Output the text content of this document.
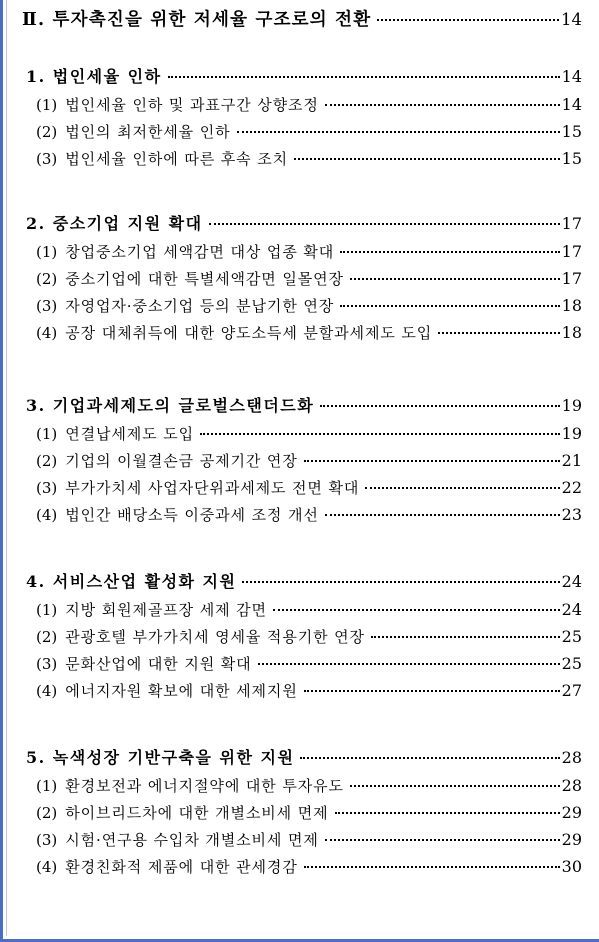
Ⅱ. 투자촉진을 위한 저세율 구조로의 전환	14
1. 법인세율 인하	14
(1) 법인세율 인하 및 과표구간 상향조정	14
(2) 법인의 최저한세율 인하	15
(3) 법인세율 인하에 따른 후속 조치	15
2. 중소기업 지원 확대	17
(1) 창업중소기업 세액감면 대상 업종 확대	17
(2) 중소기업에 대한 특별세액감면 일몰연장	17
(3) 자영업자·중소기업 등의 분납기한 연장	18
(4) 공장 대체취득에 대한 양도소득세 분할과세제도 도입	18
3. 기업과세제도의 글로벌스탠더드화	19
(1) 연결납세제도 도입	19
(2) 기업의 이월결손금 공제기간 연장	21
(3) 부가가치세 사업자단위과세제도 전면 확대	22
(4) 법인간 배당소득 이중과세 조정 개선	23
4. 서비스산업 활성화 지원	24
(1) 지방 회원제골프장 세제 감면	24
(2) 관광호텔 부가가치세 영세율 적용기한 연장	25
(3) 문화산업에 대한 지원 확대	25
(4) 에너지자원 확보에 대한 세제지원	27
5. 녹색성장 기반구축을 위한 지원	28
(1) 환경보전과 에너지절약에 대한 투자유도	28
(2) 하이브리드차에 대한 개별소비세 면제	29
(3) 시험·연구용 수입차 개별소비세 면제	29
(4) 환경친화적 제품에 대한 관세경감	30
